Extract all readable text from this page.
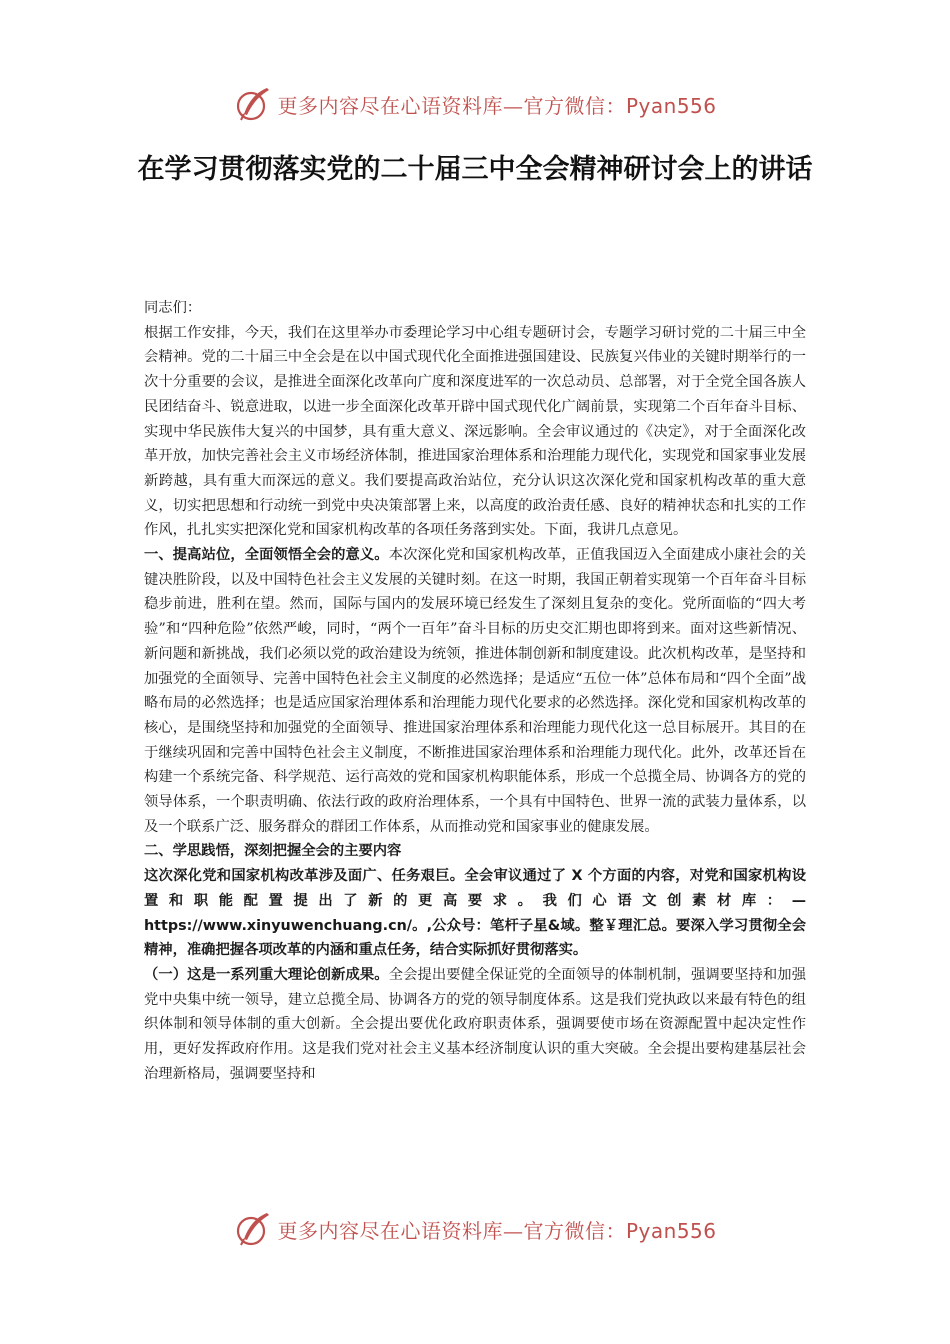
更多内容尽在心语资料库—官方微信：Pyan556
在学习贯彻落实党的二十届三中全会精神研讨会上的讲话

同志们：

根据工作安排，今天，我们在这里举办市委理论学习中心组专题研讨会，专题学习研讨党的二十届三中全会精神。党的二十届三中全会是在以中国式现代化全面推进强国建设、民族复兴伟业的关键时期举行的一次十分重要的会议，是推进全面深化改革向广度和深度进军的一次总动员、总部署，对于全党全国各族人民团结奋斗、锐意进取，以进一步全面深化改革开辟中国式现代化广阔前景，实现第二个百年奋斗目标、实现中华民族伟大复兴的中国梦，具有重大意义、深远影响。全会审议通过的《决定》，对于全面深化改革开放，加快完善社会主义市场经济体制，推进国家治理体系和治理能力现代化，实现党和国家事业发展新跨越，具有重大而深远的意义。我们要提高政治站位，充分认识这次深化党和国家机构改革的重大意义，切实把思想和行动统一到党中央决策部署上来，以高度的政治责任感、良好的精神状态和扎实的工作作风，扎扎实实把深化党和国家机构改革的各项任务落到实处。下面，我讲几点意见。

一、提高站位，全面领悟全会的意义。本次深化党和国家机构改革，正值我国迈入全面建成小康社会的关键决胜阶段，以及中国特色社会主义发展的关键时刻。在这一时期，我国正朝着实现第一个百年奋斗目标稳步前进，胜利在望。然而，国际与国内的发展环境已经发生了深刻且复杂的变化。党所面临的“四大考验”和“四种危险”依然严峻，同时，“两个一百年”奋斗目标的历史交汇期也即将到来。面对这些新情况、新问题和新挑战，我们必须以党的政治建设为统领，推进体制创新和制度建设。此次机构改革，是坚持和加强党的全面领导、完善中国特色社会主义制度的必然选择；是适应“五位一体”总体布局和“四个全面”战略布局的必然选择；也是适应国家治理体系和治理能力现代化要求的必然选择。深化党和国家机构改革的核心，是围绕坚持和加强党的全面领导、推进国家治理体系和治理能力现代化这一总目标展开。其目的在于继续巩固和完善中国特色社会主义制度，不断推进国家治理体系和治理能力现代化。此外，改革还旨在构建一个系统完备、科学规范、运行高效的党和国家机构职能体系，形成一个总揽全局、协调各方的党的领导体系，一个职责明确、依法行政的政府治理体系，一个具有中国特色、世界一流的武装力量体系，以及一个联系广泛、服务群众的群团工作体系，从而推动党和国家事业的健康发展。

二、学思践悟，深刻把握全会的主要内容

这次深化党和国家机构改革涉及面广、任务艰巨。全会审议通过了 X 个方面的内容，对党和国家机构设置和职能配置提出了新的更高要求。我们心语文创素材库：—https://www.xinyuwenchuang.cn/。,公众号：笔杆子星&域。整￥理汇总。要深入学习贯彻全会精神，准确把握各项改革的内涵和重点任务，结合实际抓好贯彻落实。

（一）这是一系列重大理论创新成果。全会提出要健全保证党的全面领导的体制机制，强调要坚持和加强党中央集中统一领导，建立总揽全局、协调各方的党的领导制度体系。这是我们党执政以来最有特色的组织体制和领导体制的重大创新。全会提出要优化政府职责体系，强调要使市场在资源配置中起决定性作用，更好发挥政府作用。这是我们党对社会主义基本经济制度认识的重大突破。全会提出要构建基层社会治理新格局，强调要坚持和

更多内容尽在心语资料库—官方微信：Pyan556
